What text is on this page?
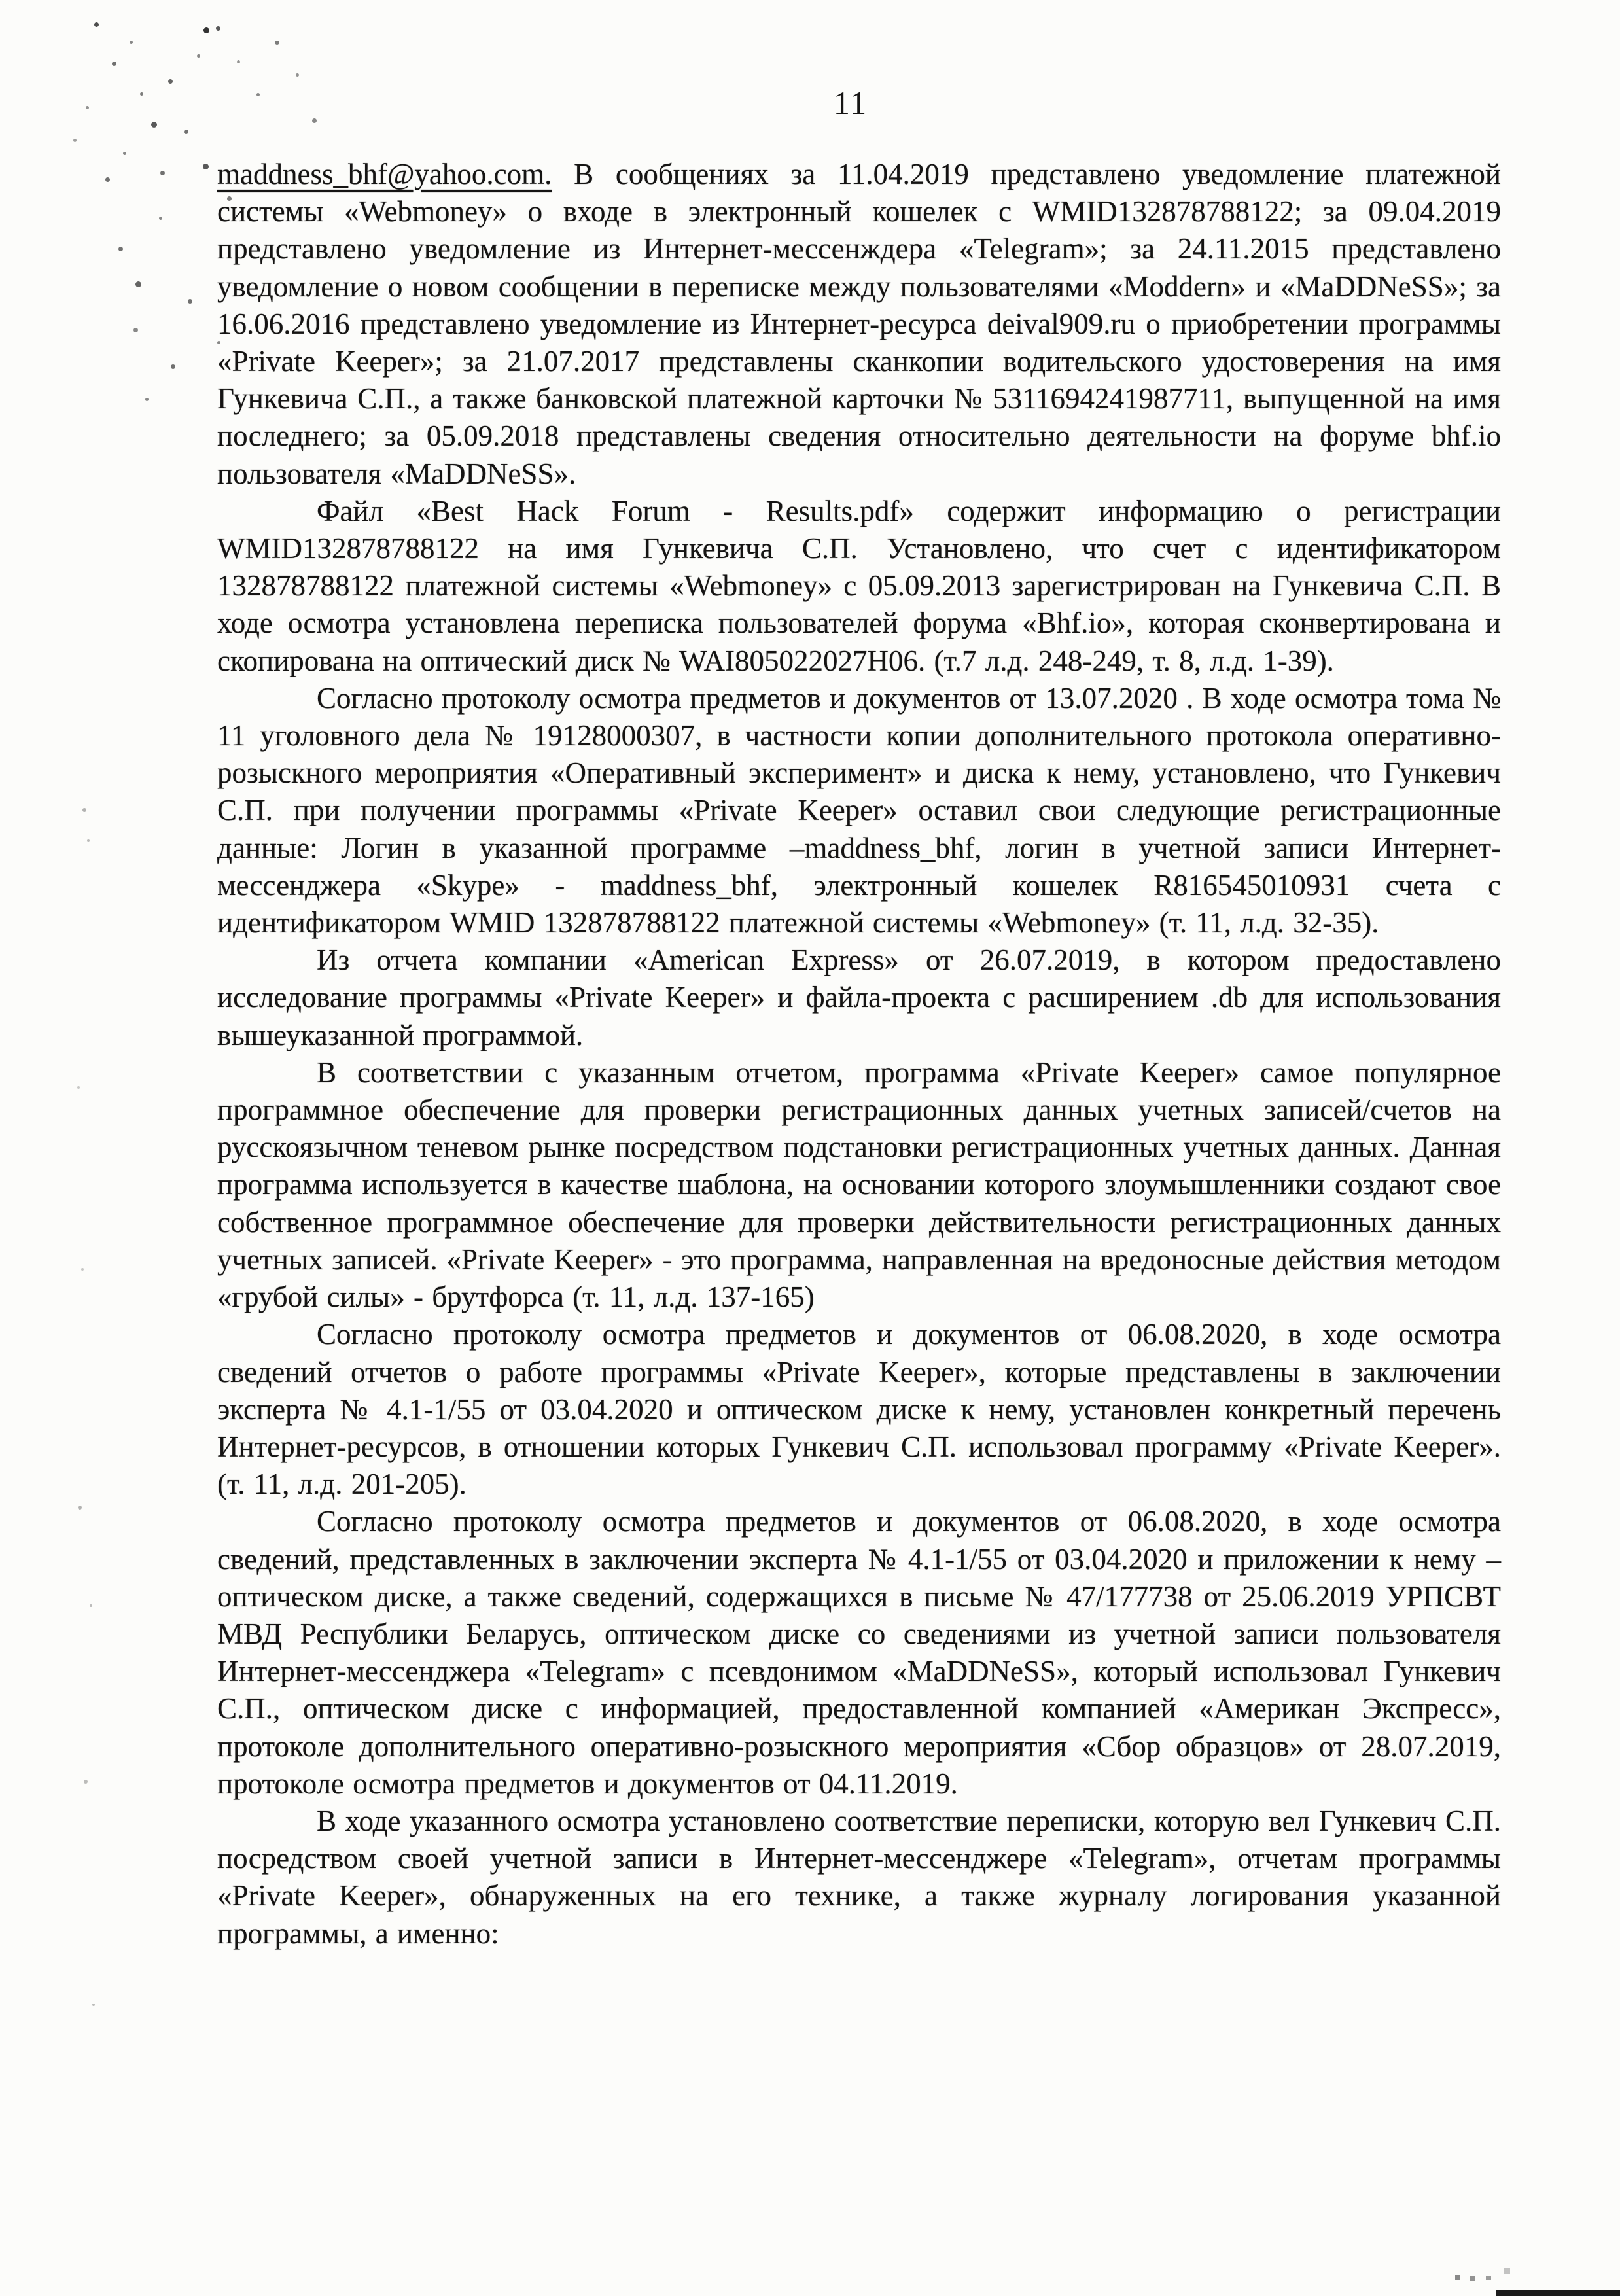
11

maddness_bhf@yahoo.com. В сообщениях за 11.04.2019 представлено уведомление платежной системы «Webmoney» о входе в электронный кошелек с WMID132878788122; за 09.04.2019 представлено уведомление из Интернет-мессенждера «Telegram»; за 24.11.2015 представлено уведомление о новом сообщении в переписке между пользователями «Moddern» и «MaDDNeSS»; за 16.06.2016 представлено уведомление из Интернет-ресурса deival909.ru о приобретении программы «Private Keeper»; за 21.07.2017 представлены сканкопии водительского удостоверения на имя Гункевича С.П., а также банковской платежной карточки № 5311694241987711, выпущенной на имя последнего; за 05.09.2018 представлены сведения относительно деятельности на форуме bhf.io пользователя «MaDDNeSS».

Файл «Best Hack Forum - Results.pdf» содержит информацию о регистрации WMID132878788122 на имя Гункевича С.П. Установлено, что счет с идентификатором 132878788122 платежной системы «Webmoney» с 05.09.2013 зарегистрирован на Гункевича С.П. В ходе осмотра установлена переписка пользователей форума «Bhf.io», которая сконвертирована и скопирована на оптический диск № WAI805022027H06. (т.7 л.д. 248-249, т. 8, л.д. 1-39).

Согласно протоколу осмотра предметов и документов от 13.07.2020 . В ходе осмотра тома № 11 уголовного дела № 19128000307, в частности копии дополнительного протокола оперативно-розыскного мероприятия «Оперативный эксперимент» и диска к нему, установлено, что Гункевич С.П. при получении программы «Private Keeper» оставил свои следующие регистрационные данные: Логин в указанной программе –maddness_bhf, логин в учетной записи Интернет-мессенджера «Skype» - maddness_bhf, электронный кошелек R816545010931 счета с идентификатором WMID 132878788122 платежной системы «Webmoney» (т. 11, л.д. 32-35).

Из отчета компании «American Express» от 26.07.2019, в котором предоставлено исследование программы «Private Keeper» и файла-проекта с расширением .db для использования вышеуказанной программой.

В соответствии с указанным отчетом, программа «Private Keeper» самое популярное программное обеспечение для проверки регистрационных данных учетных записей/счетов на русскоязычном теневом рынке посредством подстановки регистрационных учетных данных. Данная программа используется в качестве шаблона, на основании которого злоумышленники создают свое собственное программное обеспечение для проверки действительности регистрационных данных учетных записей. «Private Keeper» - это программа, направленная на вредоносные действия методом «грубой силы» - брутфорса (т. 11, л.д. 137-165)

Согласно протоколу осмотра предметов и документов от 06.08.2020, в ходе осмотра сведений отчетов о работе программы «Private Keeper», которые представлены в заключении эксперта № 4.1-1/55 от 03.04.2020 и оптическом диске к нему, установлен конкретный перечень Интернет-ресурсов, в отношении которых Гункевич С.П. использовал программу «Private Keeper». (т. 11, л.д. 201-205).

Согласно протоколу осмотра предметов и документов от 06.08.2020, в ходе осмотра сведений, представленных в заключении эксперта № 4.1-1/55 от 03.04.2020 и приложении к нему – оптическом диске, а также сведений, содержащихся в письме № 47/177738 от 25.06.2019 УРПСВТ МВД Республики Беларусь, оптическом диске со сведениями из учетной записи пользователя Интернет-мессенджера «Telegram» с псевдонимом «MaDDNeSS», который использовал Гункевич С.П., оптическом диске с информацией, предоставленной компанией «Американ Экспресс», протоколе дополнительного оперативно-розыскного мероприятия «Сбор образцов» от 28.07.2019, протоколе осмотра предметов и документов от 04.11.2019.

В ходе указанного осмотра установлено соответствие переписки, которую вел Гункевич С.П. посредством своей учетной записи в Интернет-мессенджере «Telegram», отчетам программы «Private Keeper», обнаруженных на его технике, а также журналу логирования указанной программы, а именно:
